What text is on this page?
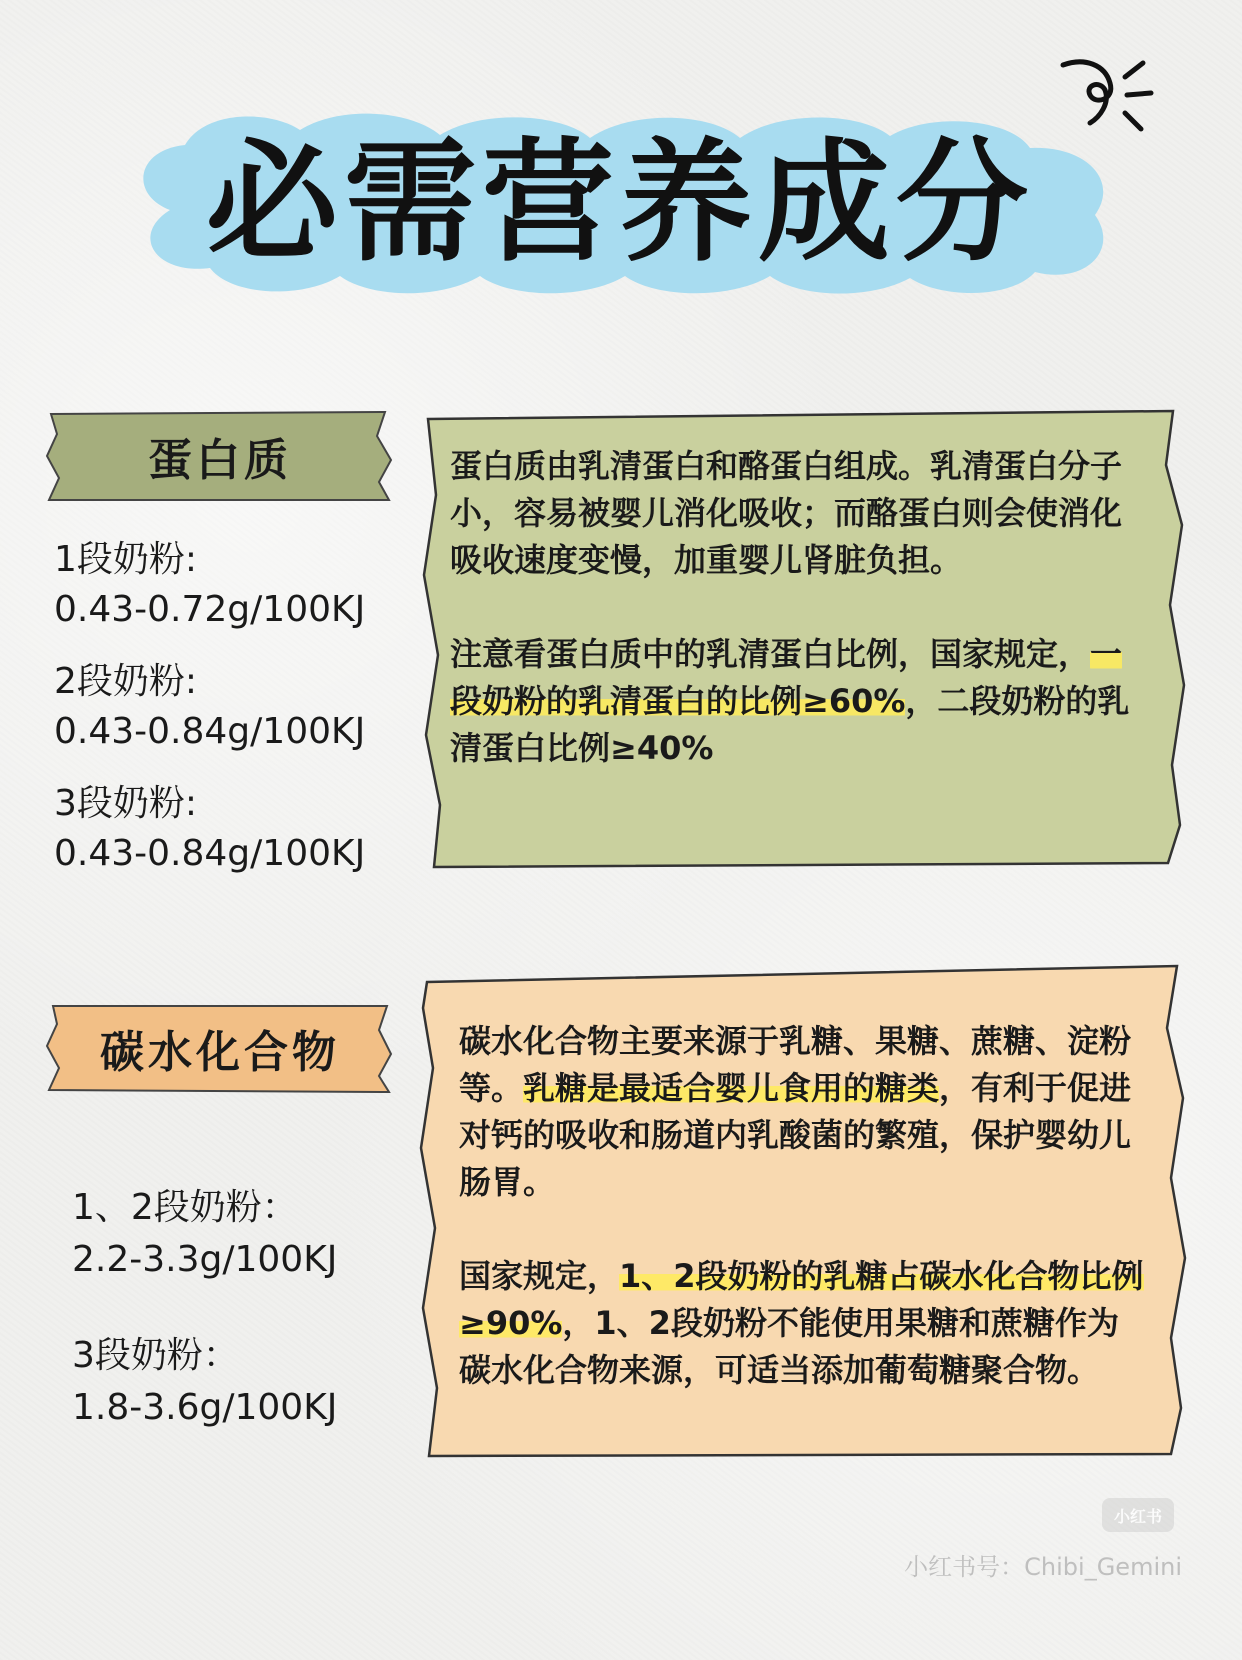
必需营养成分
蛋白质
1段奶粉:
0.43-0.72g/100KJ
2段奶粉:
0.43-0.84g/100KJ
3段奶粉:
0.43-0.84g/100KJ

蛋白质由乳清蛋白和酪蛋白组成。乳清蛋白分子小，容易被婴儿消化吸收；而酪蛋白则会使消化吸收速度变慢，加重婴儿肾脏负担。

注意看蛋白质中的乳清蛋白比例，国家规定，一段奶粉的乳清蛋白的比例≥60%，二段奶粉的乳清蛋白比例≥40%

碳水化合物
1、2段奶粉：
2.2-3.3g/100KJ
3段奶粉：
1.8-3.6g/100KJ

碳水化合物主要来源于乳糖、果糖、蔗糖、淀粉等。乳糖是最适合婴儿食用的糖类，有利于促进对钙的吸收和肠道内乳酸菌的繁殖，保护婴幼儿肠胃。

国家规定，1、2段奶粉的乳糖占碳水化合物比例≥90%，1、2段奶粉不能使用果糖和蔗糖作为碳水化合物来源，可适当添加葡萄糖聚合物。

小红书
小红书号：Chibi_Gemini
